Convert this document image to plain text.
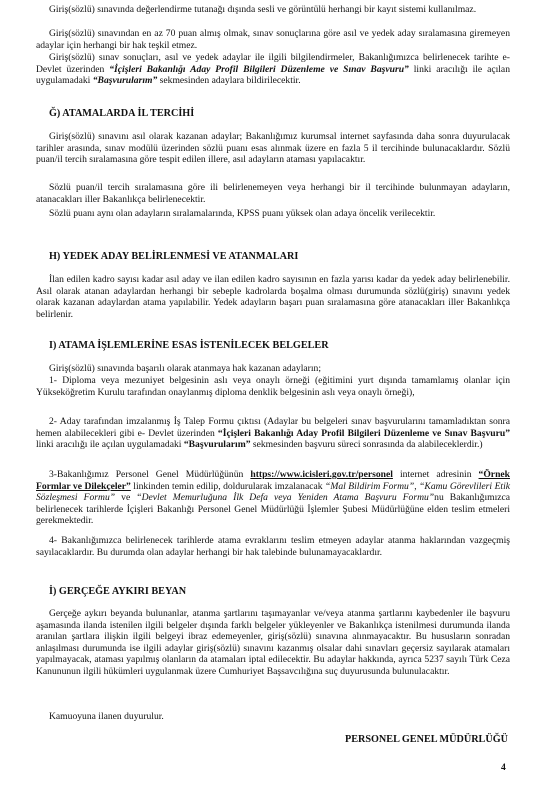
Giriş(sözlü) sınavında değerlendirme tutanağı dışında sesli ve görüntülü herhangi bir kayıt sistemi kullanılmaz.

Giriş(sözlü) sınavından en az 70 puan almış olmak, sınav sonuçlarına göre asıl ve yedek aday sıralamasına giremeyen adaylar için herhangi bir hak teşkil etmez.

Giriş(sözlü) sınav sonuçları, asıl ve yedek adaylar ile ilgili bilgilendirmeler, Bakanlığımızca belirlenecek tarihte e- Devlet üzerinden “İçişleri Bakanlığı Aday Profil Bilgileri Düzenleme ve Sınav Başvuru” linki aracılığı ile açılan uygulamadaki “Başvurularım” sekmesinden adaylara bildirilecektir.

Ğ) ATAMALARDA İL TERCİHİ

Giriş(sözlü) sınavını asıl olarak kazanan adaylar; Bakanlığımız kurumsal internet sayfasında daha sonra duyurulacak tarihler arasında, sınav modülü üzerinden sözlü puanı esas alınmak üzere en fazla 5 il tercihinde bulunacaklardır. Sözlü puan/il tercih sıralamasına göre tespit edilen illere, asıl adayların ataması yapılacaktır.

Sözlü puan/il tercih sıralamasına göre ili belirlenemeyen veya herhangi bir il tercihinde bulunmayan adayların, atanacakları iller Bakanlıkça belirlenecektir.

Sözlü puanı aynı olan adayların sıralamalarında, KPSS puanı yüksek olan adaya öncelik verilecektir.

H) YEDEK ADAY BELİRLENMESİ VE ATANMALARI

İlan edilen kadro sayısı kadar asıl aday ve ilan edilen kadro sayısının en fazla yarısı kadar da yedek aday belirlenebilir. Asıl olarak atanan adaylardan herhangi bir sebeple kadrolarda boşalma olması durumunda sözlü(giriş) sınavını yedek olarak kazanan adaylardan atama yapılabilir. Yedek adayların başarı puan sıralamasına göre atanacakları iller Bakanlıkça belirlenir.

I) ATAMA İŞLEMLERİNE ESAS İSTENİLECEK BELGELER

Giriş(sözlü) sınavında başarılı olarak atanmaya hak kazanan adayların;

1- Diploma veya mezuniyet belgesinin aslı veya onaylı örneği (eğitimini yurt dışında tamamlamış olanlar için Yükseköğretim Kurulu tarafından onaylanmış diploma denklik belgesinin aslı veya onaylı örneği),

2- Aday tarafından imzalanmış İş Talep Formu çıktısı (Adaylar bu belgeleri sınav başvurularını tamamladıktan sonra hemen alabilecekleri gibi e- Devlet üzerinden “İçişleri Bakanlığı Aday Profil Bilgileri Düzenleme ve Sınav Başvuru” linki aracılığı ile açılan uygulamadaki “Başvurularım” sekmesinden başvuru süreci sonrasında da alabileceklerdir.)

3-Bakanlığımız Personel Genel Müdürlüğünün https://www.icisleri.gov.tr/personel internet adresinin “Örnek Formlar ve Dilekçeler” linkinden temin edilip, doldurularak imzalanacak “Mal Bildirim Formu”, “Kamu Görevlileri Etik Sözleşmesi Formu” ve “Devlet Memurluğuna İlk Defa veya Yeniden Atama Başvuru Formu”nu Bakanlığımızca belirlenecek tarihlerde İçişleri Bakanlığı Personel Genel Müdürlüğü İşlemler Şubesi Müdürlüğüne elden teslim etmeleri gerekmektedir.

4- Bakanlığımızca belirlenecek tarihlerde atama evraklarını teslim etmeyen adaylar atanma haklarından vazgeçmiş sayılacaklardır. Bu durumda olan adaylar herhangi bir hak talebinde bulunamayacaklardır.

İ) GERÇEĞE AYKIRI BEYAN

Gerçeğe aykırı beyanda bulunanlar, atanma şartlarını taşımayanlar ve/veya atanma şartlarını kaybedenler ile başvuru aşamasında ilanda istenilen ilgili belgeler dışında farklı belgeler yükleyenler ve Bakanlıkça istenilmesi durumunda ilanda aranılan şartlara ilişkin ilgili belgeyi ibraz edemeyenler, giriş(sözlü) sınavına alınmayacaktır. Bu hususların sonradan anlaşılması durumunda ise ilgili adaylar giriş(sözlü) sınavını kazanmış olsalar dahi sınavları geçersiz sayılarak atamaları yapılmayacak, ataması yapılmış olanların da atamaları iptal edilecektir. Bu adaylar hakkında, ayrıca 5237 sayılı Türk Ceza Kanununun ilgili hükümleri uygulanmak üzere Cumhuriyet Başsavcılığına suç duyurusunda bulunulacaktır.

Kamuoyuna ilanen duyurulur.

PERSONEL GENEL MÜDÜRLÜĞÜ
4
